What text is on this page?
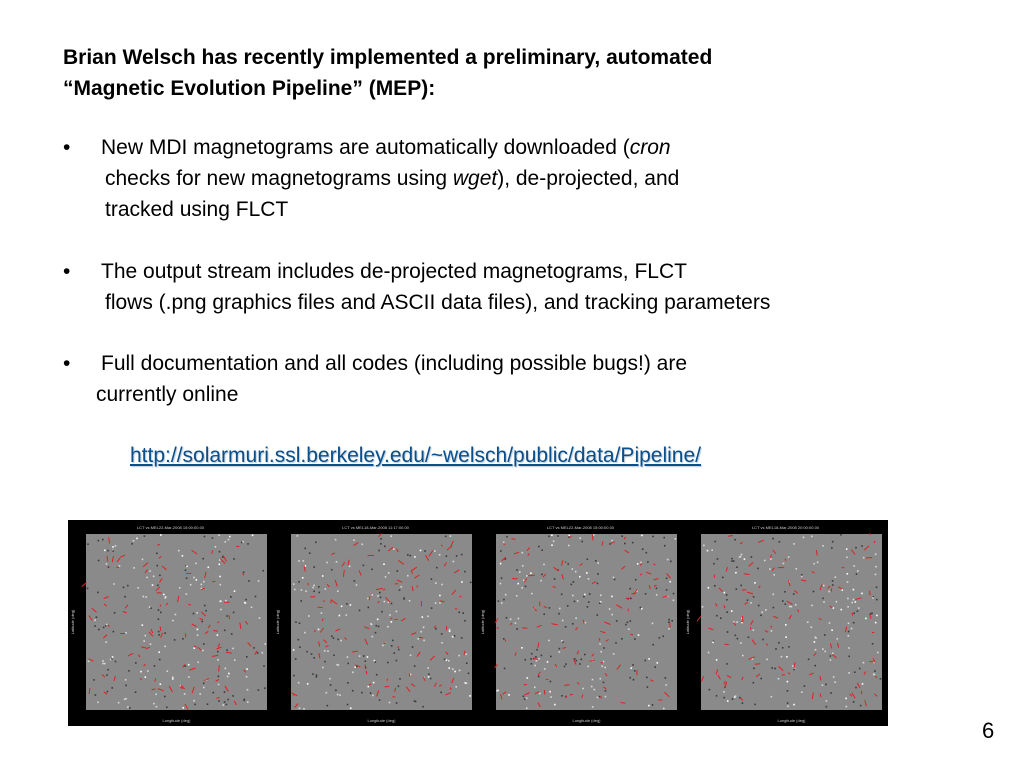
Brian Welsch has recently implemented a preliminary, automated
“Magnetic Evolution Pipeline” (MEP):

• New MDI magnetograms are automatically downloaded (cron
checks for new magnetograms using wget), de-projected, and
tracked using FLCT
• The output stream includes de-projected magnetograms, FLCT
flows (.png graphics files and ASCII data files), and tracking parameters
• Full documentation and all codes (including possible bugs!) are
currently online
http://solarmuri.ssl.berkeley.edu/~welsch/public/data/Pipeline/
LCT vs MEL22-Mar-2008 15:00:00.00
Longitude (deg)
Latitude (deg)
LCT vs MEL18-Mar-2008 11:17:00.00
Longitude (deg)
Latitude (deg)
LCT vs MEL22-Mar-2008 15:00:00.00
Longitude (deg)
Latitude (deg)
LCT vs MEL18-Mar-2008 20:00:00.00
Longitude (deg)
Latitude (deg)
6
